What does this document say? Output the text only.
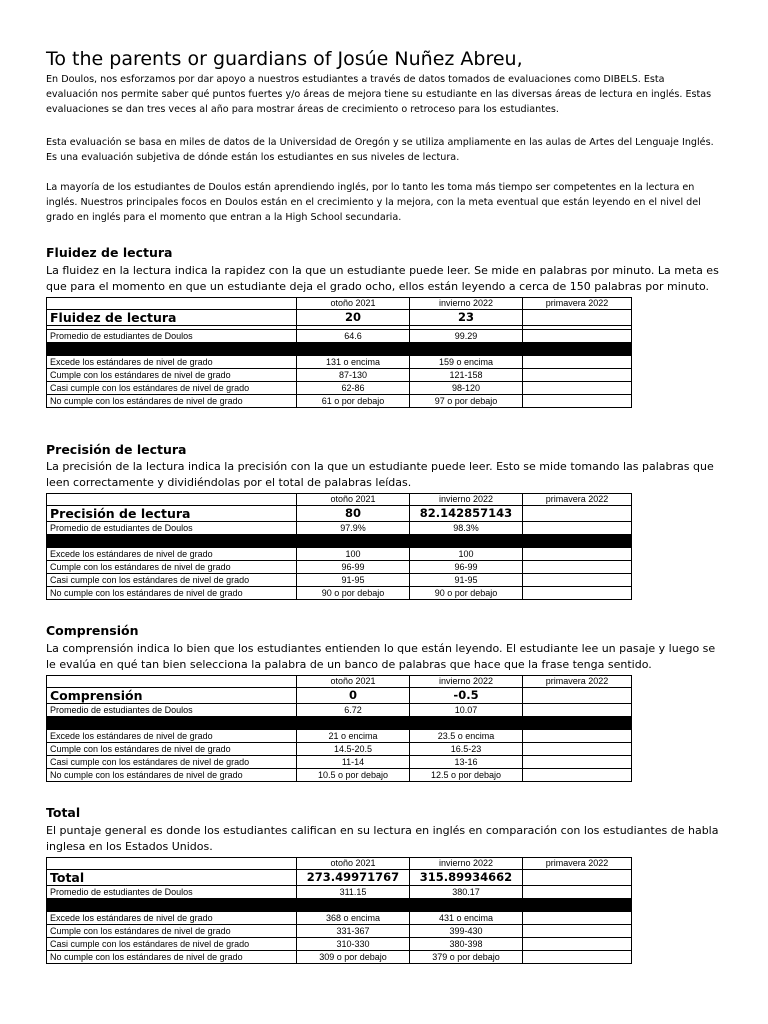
To the parents or guardians of Josúe Nuñez Abreu,
En Doulos, nos esforzamos por dar apoyo a nuestros estudiantes a través de datos tomados de evaluaciones como DIBELS. Esta evaluación nos permite saber qué puntos fuertes y/o áreas de mejora tiene su estudiante en las diversas áreas de lectura en inglés. Estas evaluaciones se dan tres veces al año para mostrar áreas de crecimiento o retroceso para los estudiantes.
Esta evaluación se basa en miles de datos de la Universidad de Oregón y se utiliza ampliamente en las aulas de Artes del Lenguaje Inglés. Es una evaluación subjetiva de dónde están los estudiantes en sus niveles de lectura.
La mayoría de los estudiantes de Doulos están aprendiendo inglés, por lo tanto les toma más tiempo ser competentes en la lectura en inglés. Nuestros principales focos en Doulos están en el crecimiento y la mejora, con la meta eventual que están leyendo en el nivel del grado en inglés para el momento que entran a la High School secundaria.
Fluidez de lectura
La fluidez en la lectura indica la rapidez con la que un estudiante puede leer. Se mide en palabras por minuto. La meta es que para el momento en que un estudiante deja el grado ocho, ellos están leyendo a cerca de 150 palabras por minuto.
	otoño 2021	invierno 2022	primavera 2022
Fluidez de lectura	20	23	

Promedio de estudiantes de Doulos	64.6	99.29	

Excede los estándares de nivel de grado	131 o encima	159 o encima	
Cumple con los estándares de nivel de grado	87-130	121-158	
Casi cumple con los estándares de nivel de grado	62-86	98-120	
No cumple con los estándares de nivel de grado	61 o por debajo	97 o por debajo	
Precisión de lectura
La precisión de la lectura indica la precisión con la que un estudiante puede leer. Esto se mide tomando las palabras que leen correctamente y dividiéndolas por el total de palabras leídas.
	otoño 2021	invierno 2022	primavera 2022
Precisión de lectura	80	82.142857143	
Promedio de estudiantes de Doulos	97.9%	98.3%	

Excede los estándares de nivel de grado	100	100	
Cumple con los estándares de nivel de grado	96-99	96-99	
Casi cumple con los estándares de nivel de grado	91-95	91-95	
No cumple con los estándares de nivel de grado	90 o por debajo	90 o por debajo	
Comprensión
La comprensión indica lo bien que los estudiantes entienden lo que están leyendo. El estudiante lee un pasaje y luego se le evalúa en qué tan bien selecciona la palabra de un banco de palabras que hace que la frase tenga sentido.
	otoño 2021	invierno 2022	primavera 2022
Comprensión	0	-0.5	
Promedio de estudiantes de Doulos	6.72	10.07	

Excede los estándares de nivel de grado	21 o encima	23.5 o encima	
Cumple con los estándares de nivel de grado	14.5-20.5	16.5-23	
Casi cumple con los estándares de nivel de grado	11-14	13-16	
No cumple con los estándares de nivel de grado	10.5 o por debajo	12.5 o por debajo	
Total
El puntaje general es donde los estudiantes califican en su lectura en inglés en comparación con los estudiantes de habla inglesa en los Estados Unidos.
	otoño 2021	invierno 2022	primavera 2022
Total	273.49971767	315.89934662	
Promedio de estudiantes de Doulos	311.15	380.17	

Excede los estándares de nivel de grado	368 o encima	431 o encima	
Cumple con los estándares de nivel de grado	331-367	399-430	
Casi cumple con los estándares de nivel de grado	310-330	380-398	
No cumple con los estándares de nivel de grado	309 o por debajo	379 o por debajo	
